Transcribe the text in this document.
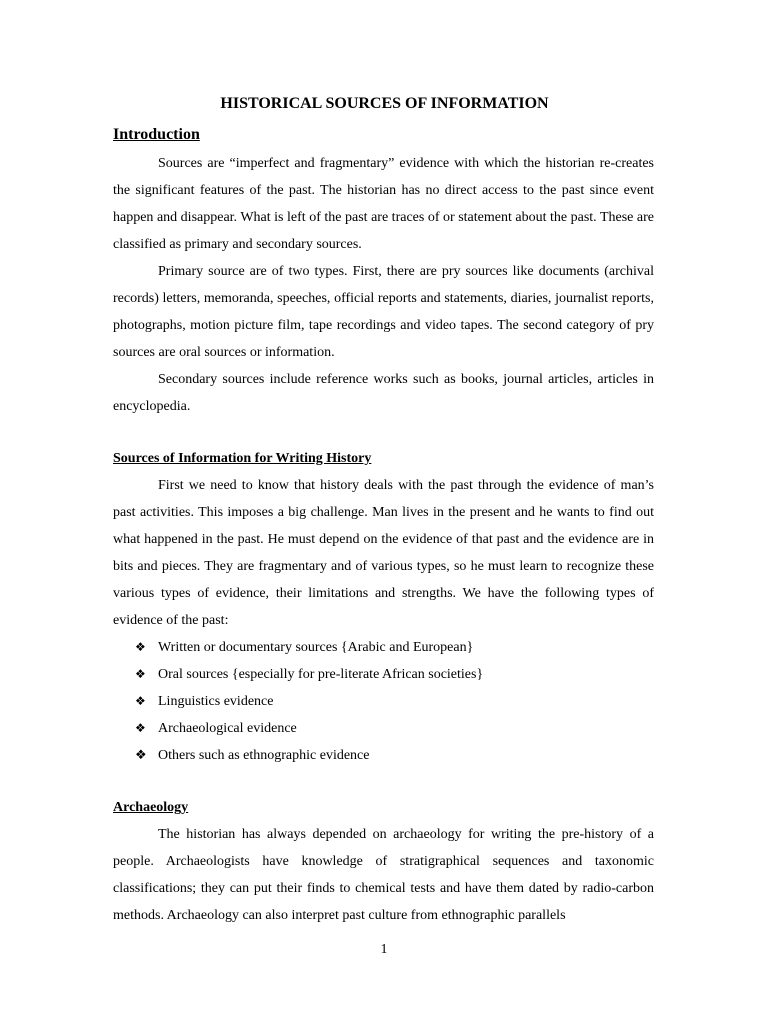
HISTORICAL SOURCES OF INFORMATION
Introduction

Sources are “imperfect and fragmentary” evidence with which the historian re-creates the significant features of the past. The historian has no direct access to the past since event happen and disappear. What is left of the past are traces of or statement about the past. These are classified as primary and secondary sources.

Primary source are of two types. First, there are pry sources like documents (archival records) letters, memoranda, speeches, official reports and statements, diaries, journalist reports, photographs, motion picture film, tape recordings and video tapes. The second category of pry sources are oral sources or information.

Secondary sources include reference works such as books, journal articles, articles in encyclopedia.

Sources of Information for Writing History

First we need to know that history deals with the past through the evidence of man’s past activities. This imposes a big challenge. Man lives in the present and he wants to find out what happened in the past. He must depend on the evidence of that past and the evidence are in bits and pieces. They are fragmentary and of various types, so he must learn to recognize these various types of evidence, their limitations and strengths. We have the following types of evidence of the past:

❖ Written or documentary sources {Arabic and European}
❖ Oral sources {especially for pre-literate African societies}
❖ Linguistics evidence
❖ Archaeological evidence
❖ Others such as ethnographic evidence
Archaeology

The historian has always depended on archaeology for writing the pre-history of a people. Archaeologists have knowledge of stratigraphical sequences and taxonomic classifications; they can put their finds to chemical tests and have them dated by radio-carbon methods. Archaeology can also interpret past culture from ethnographic parallels

1
